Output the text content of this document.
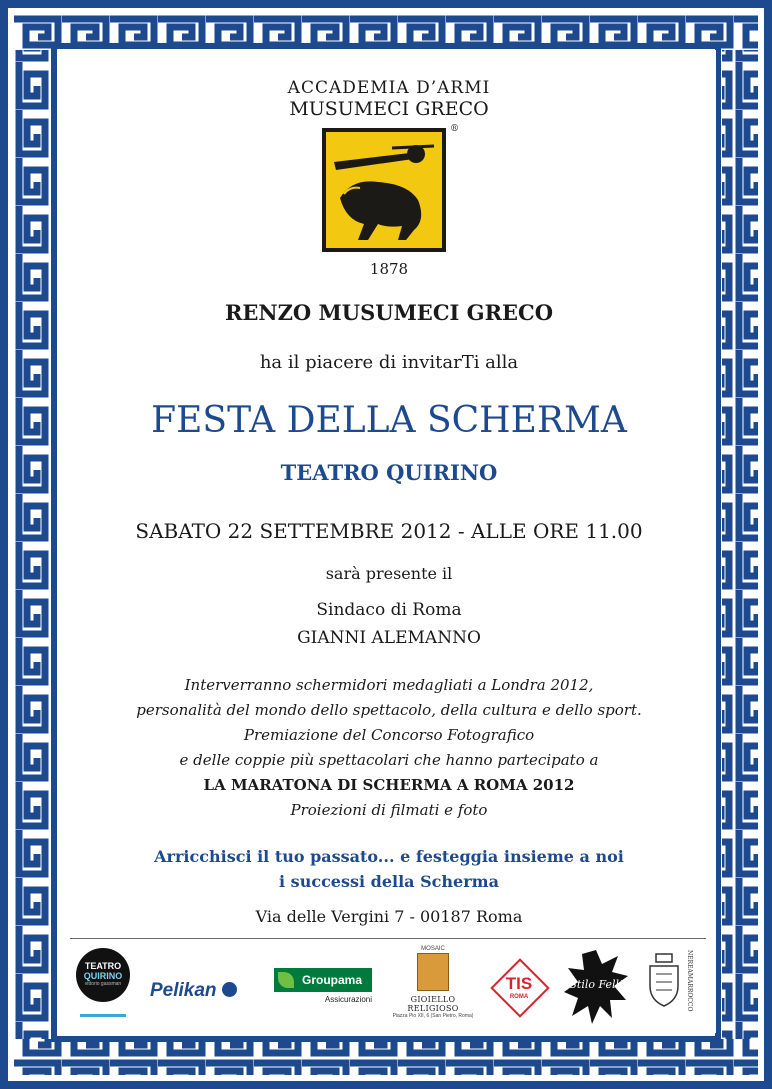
ACCADEMIA D’ARMI
MUSUMECI GRECO
®
1878
RENZO MUSUMECI GRECO
ha il piacere di invitarTi alla
FESTA DELLA SCHERMA
TEATRO QUIRINO
SABATO 22 SETTEMBRE 2012 - ALLE ORE 11.00
sarà presente il
Sindaco di Roma
GIANNI ALEMANNO
Interverranno schermidori medagliati a Londra 2012,
personalità del mondo dello spettacolo, della cultura e dello sport.
Premiazione del Concorso Fotografico
e delle coppie più spettacolari che hanno partecipato a
LA MARATONA DI SCHERMA A ROMA 2012
Proiezioni di filmati e foto
Arricchisci il tuo passato... e festeggia insieme a noi
i successi della Scherma
Via delle Vergini 7 - 00187 Roma
TEATRO
QUIRINO
vittorio gassman	Pelikan	Groupama
Assicurazioni
MOSAIC
GIOIELLO RELIGIOSO
Piazza Pio XII, 6 (San Pietro, Roma)
TIS
ROMA
Stilo Felli	NEREAMARROCCO
